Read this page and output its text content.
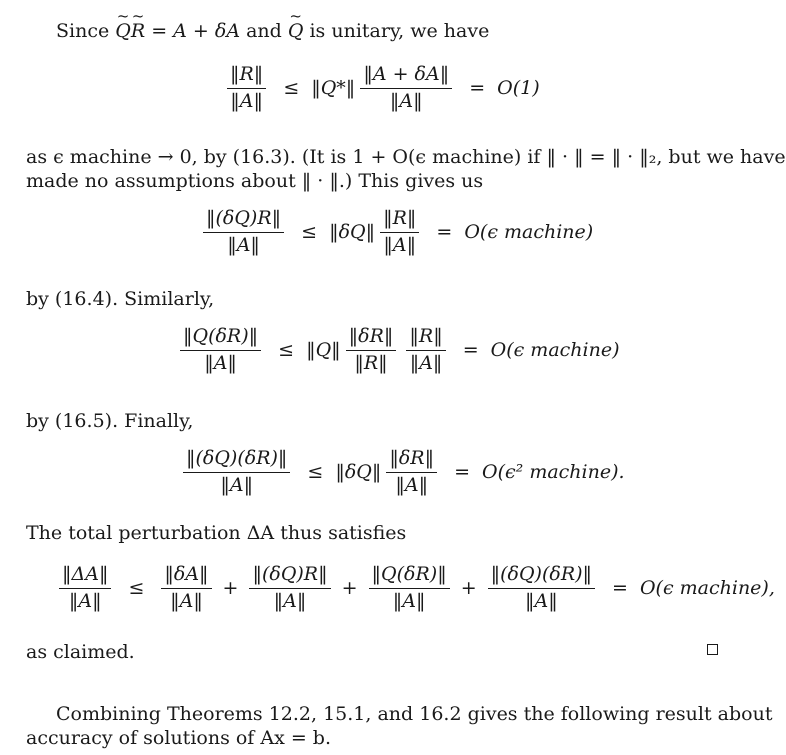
Since ~ Q~ R = A + δA and ~ Q is unitary, we have
$\frac{‖R‖}{‖A‖}$ ≤ ‖Q*‖ $\frac{‖A + \delta A‖}{‖A‖} = O(1)$
as ϵ machine → 0, by (16.3). (It is 1 + O(ϵ machine) if ‖ · ‖ = ‖ · ‖₂, but we have
made no assumptions about ‖ · ‖.) This gives us
$\frac{‖(\delta Q)R‖}{‖A‖}$ ≤ ‖δQ‖ $\frac{‖R‖}{‖A‖} = O(\epsilon$ machine)
by (16.4). Similarly,
$\frac{‖Q(\delta R)‖}{‖A‖}$ ≤ ‖Q‖ $\frac{‖\delta R‖}{‖R‖} \frac{‖R‖}{‖A‖} = O(\epsilon$ machine)
by (16.5). Finally,
$\frac{‖(\delta Q)(\delta R)‖}{‖A‖}$ ≤ ‖δQ‖ $\frac{‖\delta R‖}{‖A‖} = O(\epsilon^2$ machine).
The total perturbation ΔA thus satisfies
$\frac{‖\Delta A‖}{‖A‖} \le \frac{‖\delta A‖}{‖A‖} + \frac{‖(\delta Q)R‖}{‖A‖} + \frac{‖Q(\delta R)‖}{‖A‖} + \frac{‖(\delta Q)(\delta R)‖}{‖A‖} = O(\epsilon$ machine),
as claimed.
Combining Theorems 12.2, 15.1, and 16.2 gives the following result about
accuracy of solutions of Ax = b.
